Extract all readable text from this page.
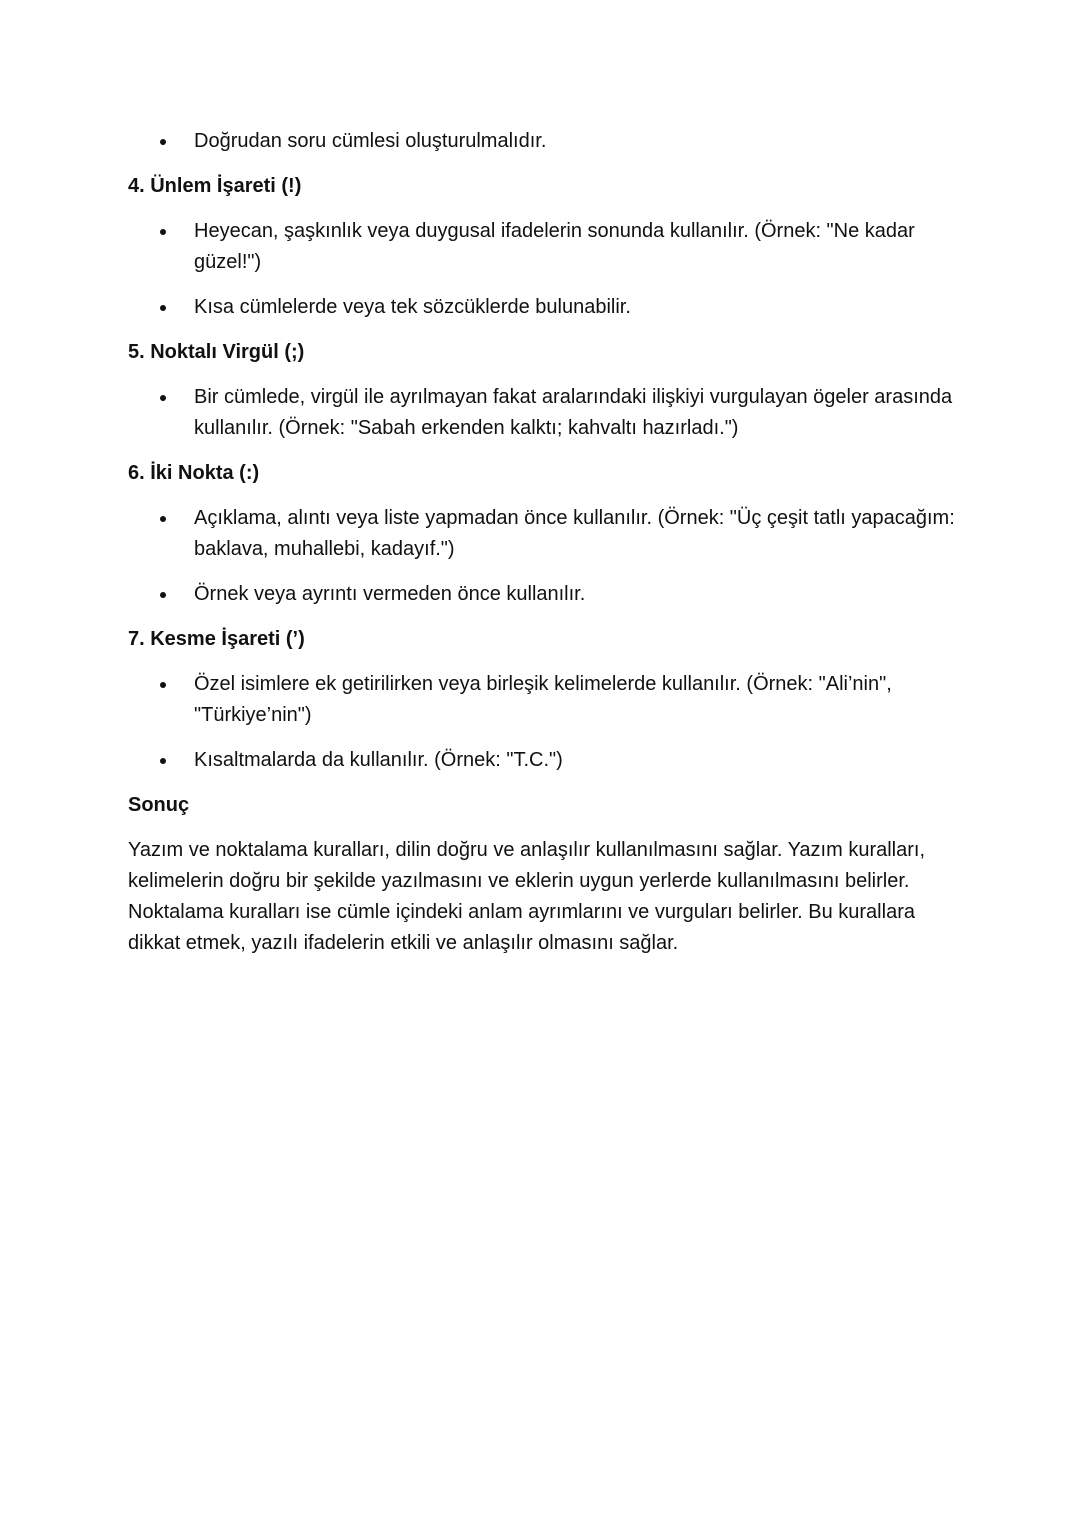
Doğrudan soru cümlesi oluşturulmalıdır.

4. Ünlem İşareti (!)

Heyecan, şaşkınlık veya duygusal ifadelerin sonunda kullanılır. (Örnek: "Ne kadar güzel!")
Kısa cümlelerde veya tek sözcüklerde bulunabilir.

5. Noktalı Virgül (;)

Bir cümlede, virgül ile ayrılmayan fakat aralarındaki ilişkiyi vurgulayan ögeler arasında kullanılır. (Örnek: "Sabah erkenden kalktı; kahvaltı hazırladı.")

6. İki Nokta (:)

Açıklama, alıntı veya liste yapmadan önce kullanılır. (Örnek: "Üç çeşit tatlı yapacağım: baklava, muhallebi, kadayıf.")
Örnek veya ayrıntı vermeden önce kullanılır.

7. Kesme İşareti (’)

Özel isimlere ek getirilirken veya birleşik kelimelerde kullanılır. (Örnek: "Ali’nin", "Türkiye’nin")
Kısaltmalarda da kullanılır. (Örnek: "T.C.")

Sonuç

Yazım ve noktalama kuralları, dilin doğru ve anlaşılır kullanılmasını sağlar. Yazım kuralları, kelimelerin doğru bir şekilde yazılmasını ve eklerin uygun yerlerde kullanılmasını belirler. Noktalama kuralları ise cümle içindeki anlam ayrımlarını ve vurguları belirler. Bu kurallara dikkat etmek, yazılı ifadelerin etkili ve anlaşılır olmasını sağlar.
